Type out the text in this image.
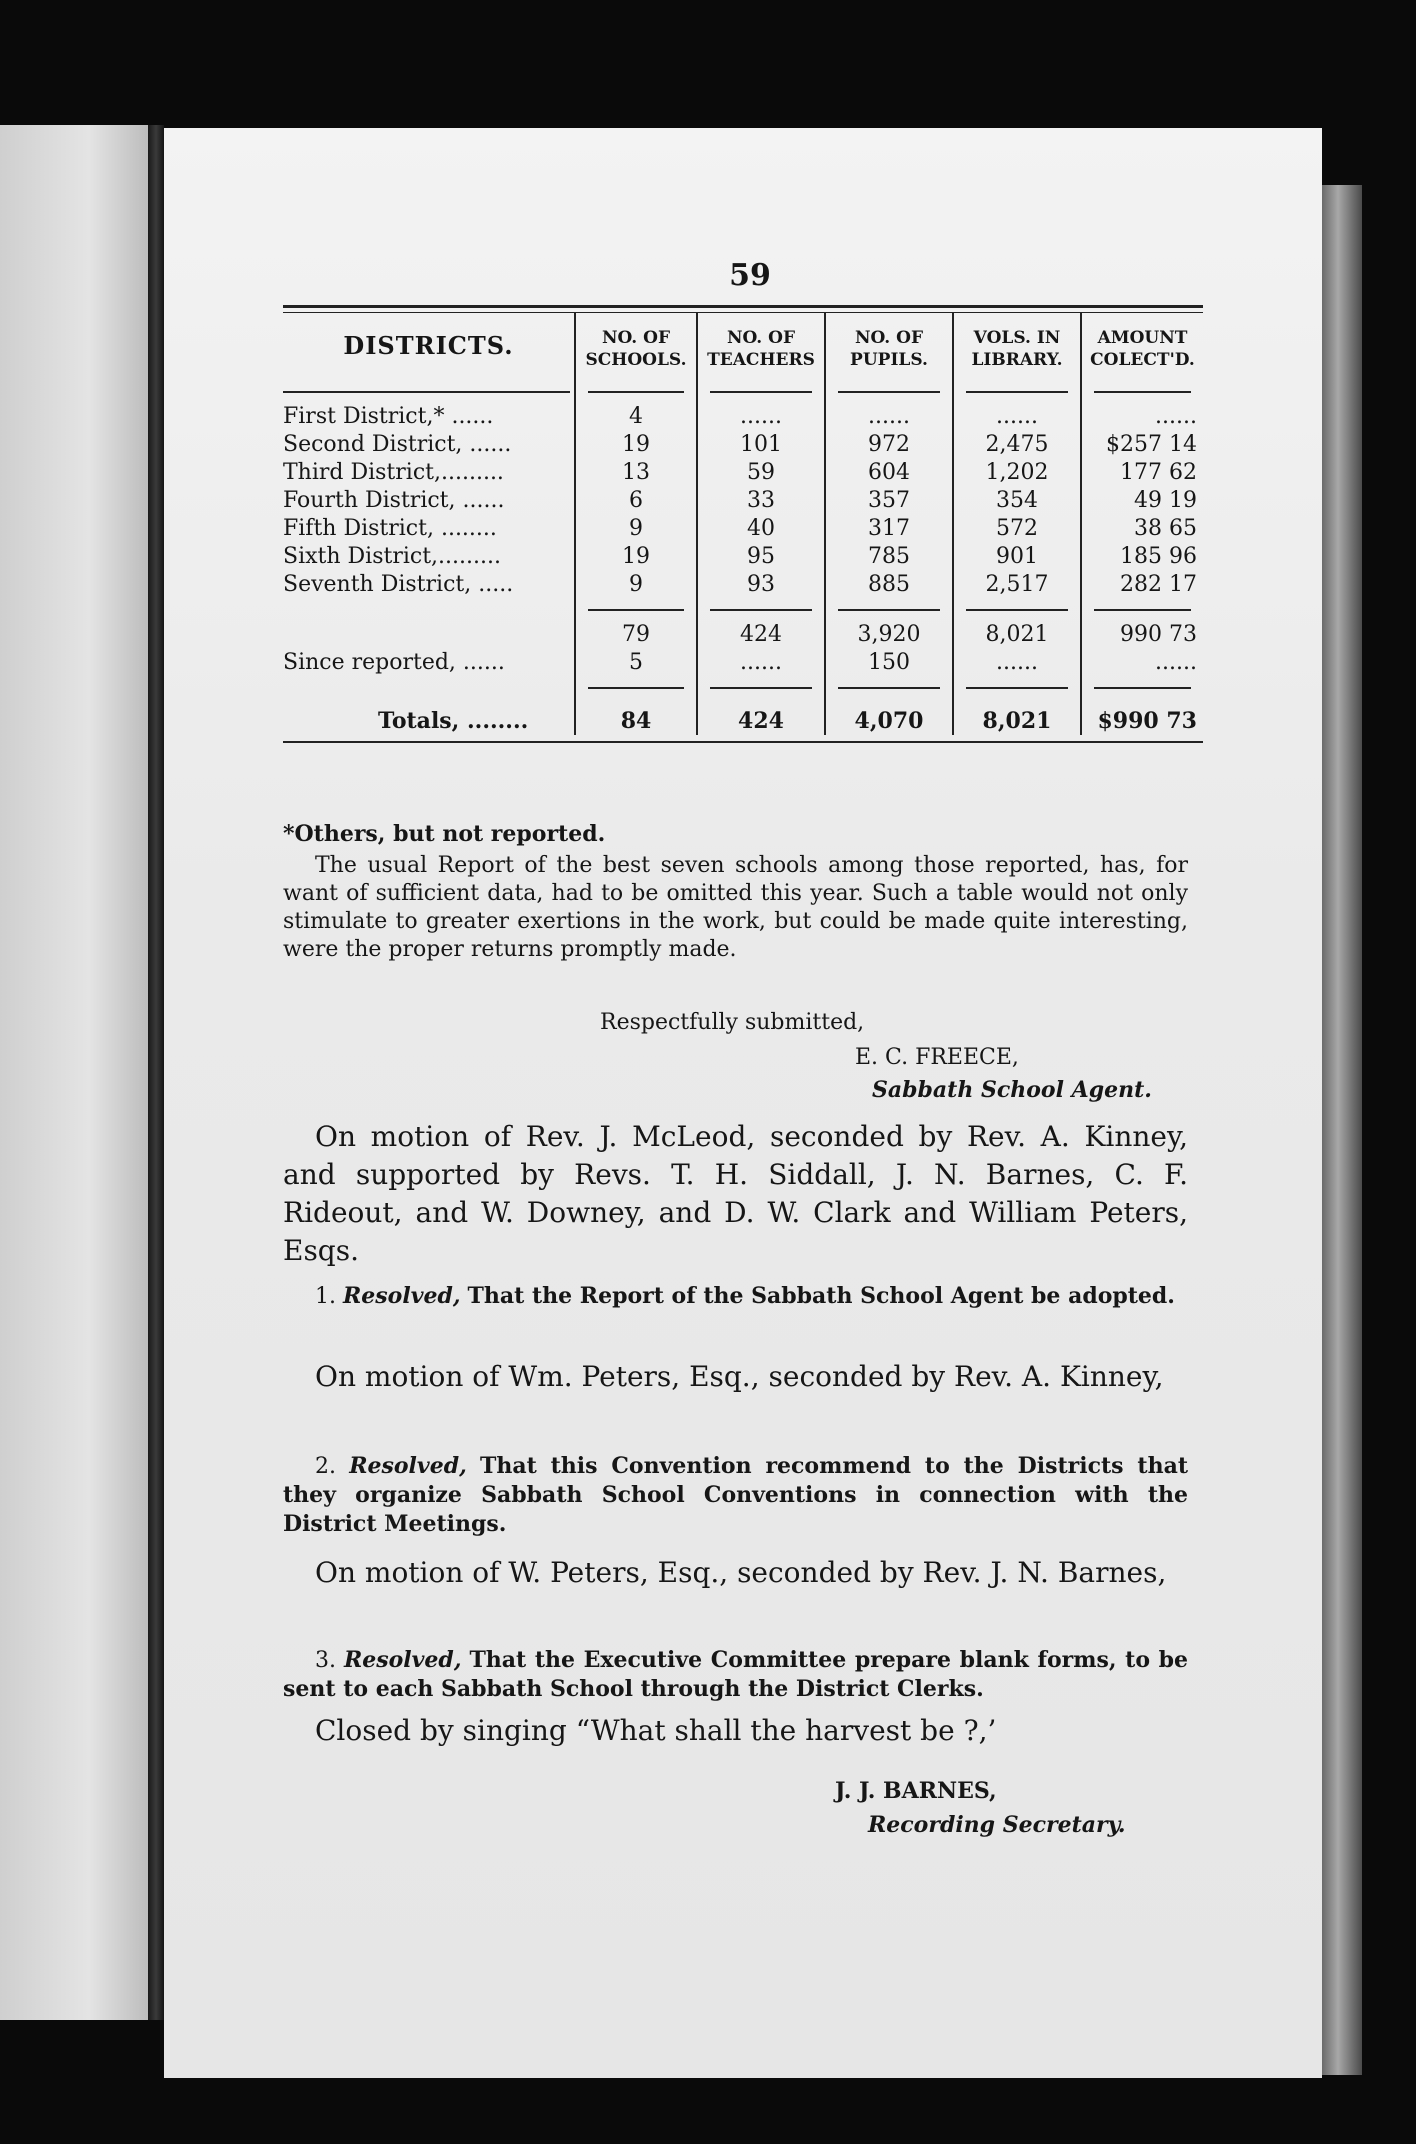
59
DISTRICTS.	NO. OF SCHOOLS.	NO. OF TEACHERS	NO. OF PUPILS.	VOLS. IN LIBRARY.	AMOUNT COLECT'D.

First District,* ......	4	......	......	......	......
Second District, ......	19	101	972	2,475	$257 14
Third District,.........	13	59	604	1,202	177 62
Fourth District, ......	6	33	357	354	49 19
Fifth District, ........	9	40	317	572	38 65
Sixth District,.........	19	95	785	901	185 96
Seventh District, .....	9	93	885	2,517	282 17

	79	424	3,920	8,021	990 73
Since reported, ......	5	......	150	......	......

Totals, ........	84	424	4,070	8,021	$990 73
*Others, but not reported.
The usual Report of the best seven schools among those reported, has, for want of sufficient data, had to be omitted this year. Such a table would not only stimulate to greater exertions in the work, but could be made quite interesting, were the proper returns promptly made.
Respectfully submitted,
E. C. FREECE,
Sabbath School Agent.
On motion of Rev. J. McLeod, seconded by Rev. A. Kinney, and supported by Revs. T. H. Siddall, J. N. Barnes, C. F. Rideout, and W. Downey, and D. W. Clark and William Peters, Esqs.
1. Resolved, That the Report of the Sabbath School Agent be adopted.
On motion of Wm. Peters, Esq., seconded by Rev. A. Kinney,
2. Resolved, That this Convention recommend to the Districts that they organize Sabbath School Conventions in connection with the District Meetings.
On motion of W. Peters, Esq., seconded by Rev. J. N. Barnes,
3. Resolved, That the Executive Committee prepare blank forms, to be sent to each Sabbath School through the District Clerks.
Closed by singing “What shall the harvest be ?,’
J. J. BARNES,
Recording Secretary.
